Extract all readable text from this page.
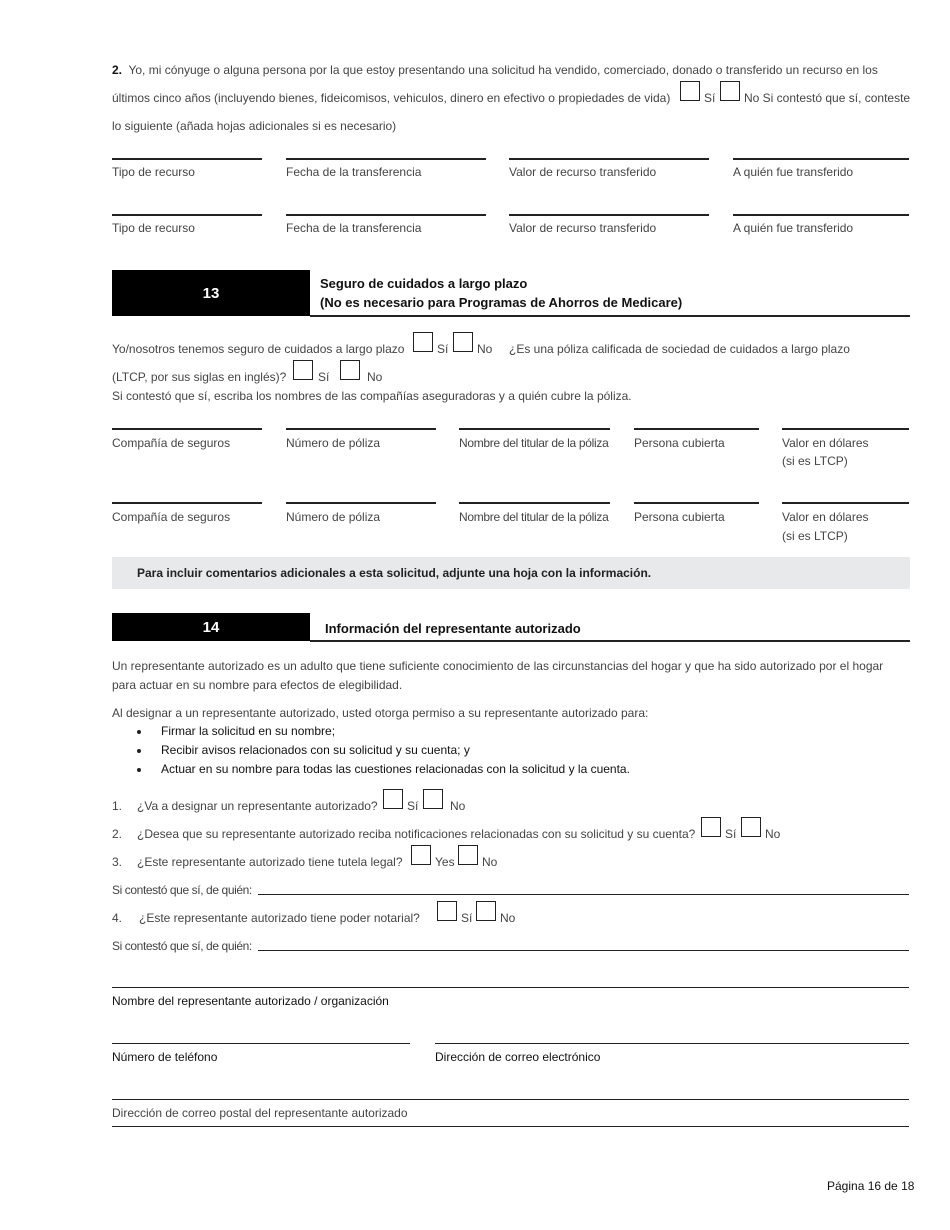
2. Yo, mi cónyuge o alguna persona por la que estoy presentando una solicitud ha vendido, comerciado, donado o transferido un recurso en los
últimos cinco años (incluyendo bienes, fideicomisos, vehiculos, dinero en efectivo o propiedades de vida)	Sí No Si contestó que sí, conteste
lo siguiente (añada hojas adicionales si es necesario)
Tipo de recurso	Fecha de la transferencia	Valor de recurso transferido	A quién fue transferido
Tipo de recurso	Fecha de la transferencia	Valor de recurso transferido	A quién fue transferido
13
Seguro de cuidados a largo plazo
(No es necesario para Programas de Ahorros de Medicare)
Yo/nosotros tenemos seguro de cuidados a largo plazo	Sí No ¿Es una póliza calificada de sociedad de cuidados a largo plazo
(LTCP, por sus siglas en inglés)?	Sí	No
Si contestó que sí, escriba los nombres de las compañías aseguradoras y a quién cubre la póliza.
Compañía de seguros	Número de póliza	Nombre del titular de la póliza Persona cubierta	Valor en dólares
(si es LTCP)
Compañía de seguros	Número de póliza	Nombre del titular de la póliza Persona cubierta	Valor en dólares
(si es LTCP)
Para incluir comentarios adicionales a esta solicitud, adjunte una hoja con la información.
14	Información del representante autorizado
Un representante autorizado es un adulto que tiene suficiente conocimiento de las circunstancias del hogar y que ha sido autorizado por el hogar
para actuar en su nombre para efectos de elegibilidad.
Al designar a un representante autorizado, usted otorga permiso a su representante autorizado para:
Firmar la solicitud en su nombre;
Recibir avisos relacionados con su solicitud y su cuenta; y
Actuar en su nombre para todas las cuestiones relacionadas con la solicitud y la cuenta.
1. ¿Va a designar un representante autorizado? Sí	No
2. ¿Desea que su representante autorizado reciba notificaciones relacionadas con su solicitud y su cuenta? Sí No
3. ¿Este representante autorizado tiene tutela legal?	Yes No
Si contestó que sí, de quién:
4. ¿Este representante autorizado tiene poder notarial?	Sí No
Si contestó que sí, de quién:
Nombre del representante autorizado / organización
Número de teléfono	Dirección de correo electrónico
Dirección de correo postal del representante autorizado
Página 16 de 18
